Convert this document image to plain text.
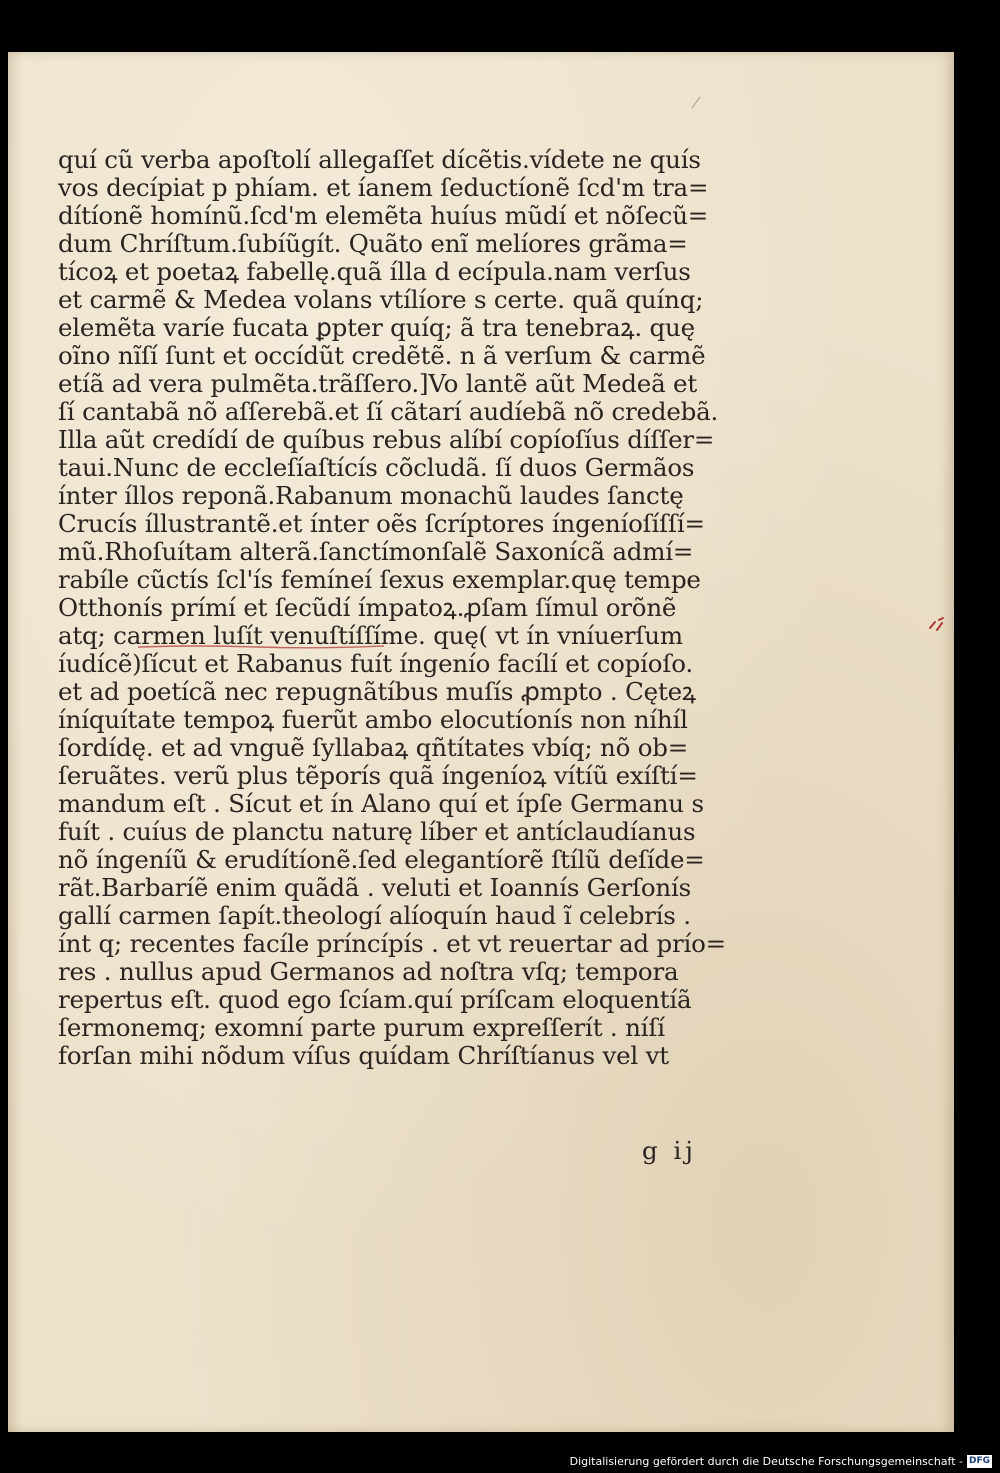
quí cũ verba apoſtolí allegaſſet dícẽtis.vídete ne quís
vos decípiat p phíam. et íanem ſeductíonẽ ſcd'm tra=
dítíonẽ homínũ.ſcd'm elemẽta huíus mũdí et nõſecũ=
dum Chríſtum.ſubíũgít. Quãto enĩ melíores grãma=
tícoꝝ et poetaꝝ fabellę.quã ílla d ecípula.nam verſus
et carmẽ & Medea volans vtílíore s certe. quã quínq;
elemẽta varíe fucata ꝑpter quíq; ã tra tenebraꝝ. quę
oĩno nĩſí ſunt et occídũt credẽtẽ. n ã verſum & carmẽ
etíã ad vera pulmẽta.trãſſero.]Vo lantẽ aũt Medeã et
ſí cantabã nõ aſſerebã.et ſí cãtarí audíebã nõ credebã.
Illa aũt credídí de quíbus rebus alíbí copíoſíus díſſer=
taui.Nunc de eccleſíaſtícís cõcludã. ſí duos Germãos
ínter íllos reponã.Rabanum monachũ laudes ſanctę
Crucís íllustrantẽ.et ínter oẽs ſcríptores íngeníoſíſſí=
mũ.Rhoſuítam alterã.ſanctímonſalẽ Saxonícã admí=
rabíle cũctís ſcl'ís femíneí ſexus exemplar.quę tempe
Otthonís prímí et ſecũdí ímpatoꝝ.ꝓſam ſímul orõnẽ
atq; carmen luſít venuſtíſſíme. quę( vt ín vníuerſum
íudícẽ)ſícut et Rabanus fuít íngenío facílí et copíoſo.
et ad poetícã nec repugnãtíbus muſís ꝓmpto . Cęteꝝ
íníquítate tempoꝝ fuerũt ambo elocutíonís non níhíl
ſordídę. et ad vnguẽ ſyllabaꝝ qñtítates vbíq; nõ ob=
ſeruãtes. verũ plus tẽporís quã íngeníoꝝ vítíũ exíſtí=
mandum eſt . Sícut et ín Alano quí et ípſe Germanu s
fuít . cuíus de planctu naturę líber et antíclaudíanus
nõ íngeníũ & erudítíonẽ.ſed elegantíorẽ ſtílũ deſíde=
rãt.Barbaríẽ enim quãdã . veluti et Ioannís Gerſonís
gallí carmen ſapít.theologí alíoquín haud ĩ celebrís .
ínt q; recentes facíle príncípís . et vt reuertar ad prío=
res . nullus apud Germanos ad noſtra vſq; tempora
repertus eſt. quod ego ſcíam.quí príſcam eloquentíã
ſermonemq; exomní parte purum expreſſerít . níſí
forſan mihi nõdum víſus quídam Chríſtíanus vel vt
g ij
Digitalisierung gefördert durch die Deutsche Forschungsgemeinschaft - DFG
